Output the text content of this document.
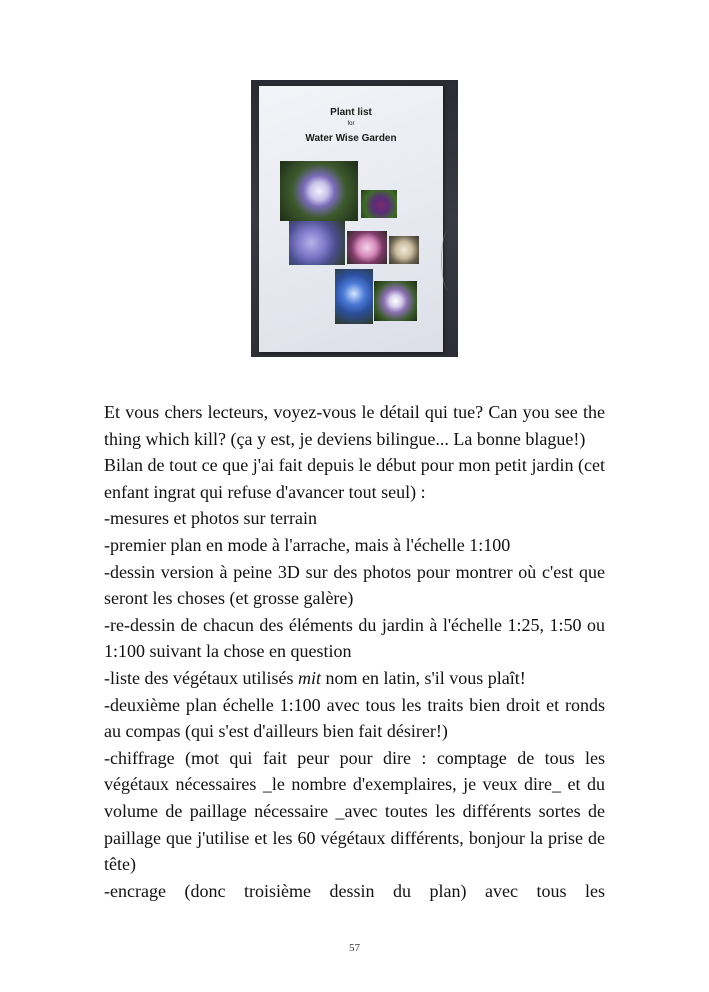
Plant list
for
Water Wise Garden

Et vous chers lecteurs, voyez-vous le détail qui tue? Can you see the thing which kill? (ça y est, je deviens bilingue... La bonne blague!)

Bilan de tout ce que j'ai fait depuis le début pour mon petit jardin (cet enfant ingrat qui refuse d'avancer tout seul) :

-mesures et photos sur terrain

-premier plan en mode à l'arrache, mais à l'échelle 1:100

-dessin version à peine 3D sur des photos pour montrer où c'est que seront les choses (et grosse galère)

-re-dessin de chacun des éléments du jardin à l'échelle 1:25, 1:50 ou 1:100 suivant la chose en question

-liste des végétaux utilisés mit nom en latin, s'il vous plaît!

-deuxième plan échelle 1:100 avec tous les traits bien droit et ronds au compas (qui s'est d'ailleurs bien fait désirer!)

-chiffrage (mot qui fait peur pour dire : comptage de tous les végétaux nécessaires _le nombre d'exemplaires, je veux dire_ et du volume de paillage nécessaire _avec toutes les différents sortes de paillage que j'utilise et les 60 végétaux différents, bonjour la prise de tête)

-encrage (donc troisième dessin du plan) avec tous les

57
